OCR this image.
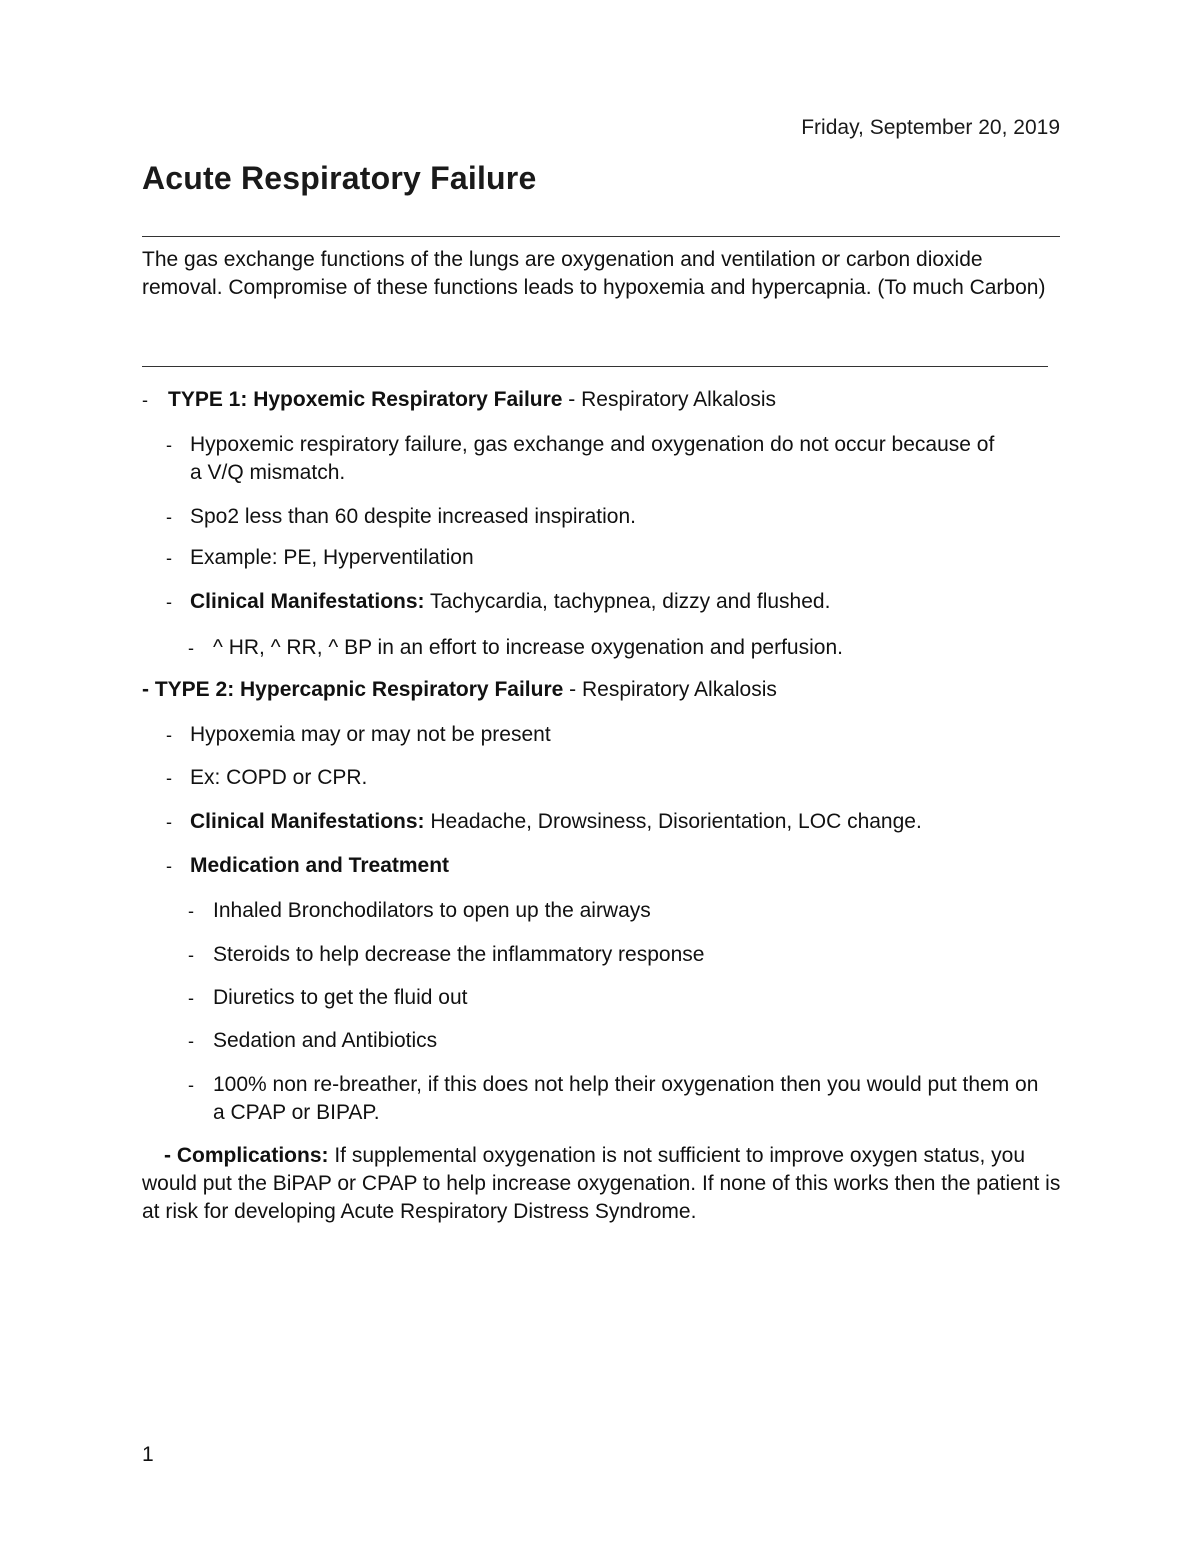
Friday, September 20, 2019
Acute Respiratory Failure

The gas exchange functions of the lungs are oxygenation and ventilation or carbon dioxide removal. Compromise of these functions leads to hypoxemia and hypercapnia. (To much Carbon)

- TYPE 1: Hypoxemic Respiratory Failure - Respiratory Alkalosis
- Hypoxemic respiratory failure, gas exchange and oxygenation do not occur because of a V/Q mismatch.
- Spo2 less than 60 despite increased inspiration.
- Example: PE, Hyperventilation
- Clinical Manifestations: Tachycardia, tachypnea, dizzy and flushed.
- ^ HR, ^ RR, ^ BP in an effort to increase oxygenation and perfusion.
- TYPE 2: Hypercapnic Respiratory Failure - Respiratory Alkalosis
- Hypoxemia may or may not be present
- Ex: COPD or CPR.
- Clinical Manifestations: Headache, Drowsiness, Disorientation, LOC change.
- Medication and Treatment
- Inhaled Bronchodilators to open up the airways
- Steroids to help decrease the inflammatory response
- Diuretics to get the fluid out
- Sedation and Antibiotics
- 100% non re-breather, if this does not help their oxygenation then you would put them on a CPAP or BIPAP.

- Complications: If supplemental oxygenation is not sufficient to improve oxygen status, you would put the BiPAP or CPAP to help increase oxygenation. If none of this works then the patient is at risk for developing Acute Respiratory Distress Syndrome.

1
